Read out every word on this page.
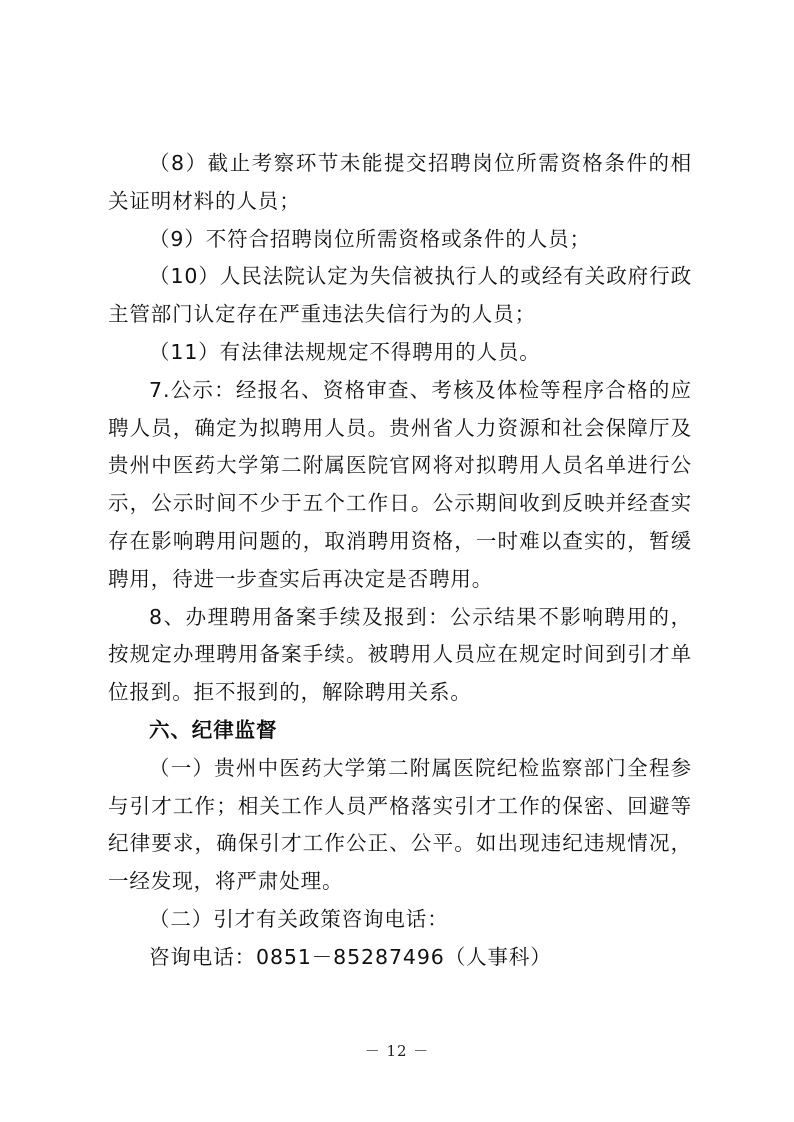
（8）截止考察环节未能提交招聘岗位所需资格条件的相关证明材料的人员；

（9）不符合招聘岗位所需资格或条件的人员；

（10）人民法院认定为失信被执行人的或经有关政府行政主管部门认定存在严重违法失信行为的人员；

（11）有法律法规规定不得聘用的人员。

7.公示：经报名、资格审查、考核及体检等程序合格的应聘人员，确定为拟聘用人员。贵州省人力资源和社会保障厅及贵州中医药大学第二附属医院官网将对拟聘用人员名单进行公示，公示时间不少于五个工作日。公示期间收到反映并经查实存在影响聘用问题的，取消聘用资格，一时难以查实的，暂缓聘用，待进一步查实后再决定是否聘用。

8、办理聘用备案手续及报到：公示结果不影响聘用的，按规定办理聘用备案手续。被聘用人员应在规定时间到引才单位报到。拒不报到的，解除聘用关系。

六、纪律监督

（一）贵州中医药大学第二附属医院纪检监察部门全程参与引才工作；相关工作人员严格落实引才工作的保密、回避等纪律要求，确保引才工作公正、公平。如出现违纪违规情况，一经发现，将严肃处理。

（二）引才有关政策咨询电话：

咨询电话：0851－85287496（人事科）

－ 12 －
